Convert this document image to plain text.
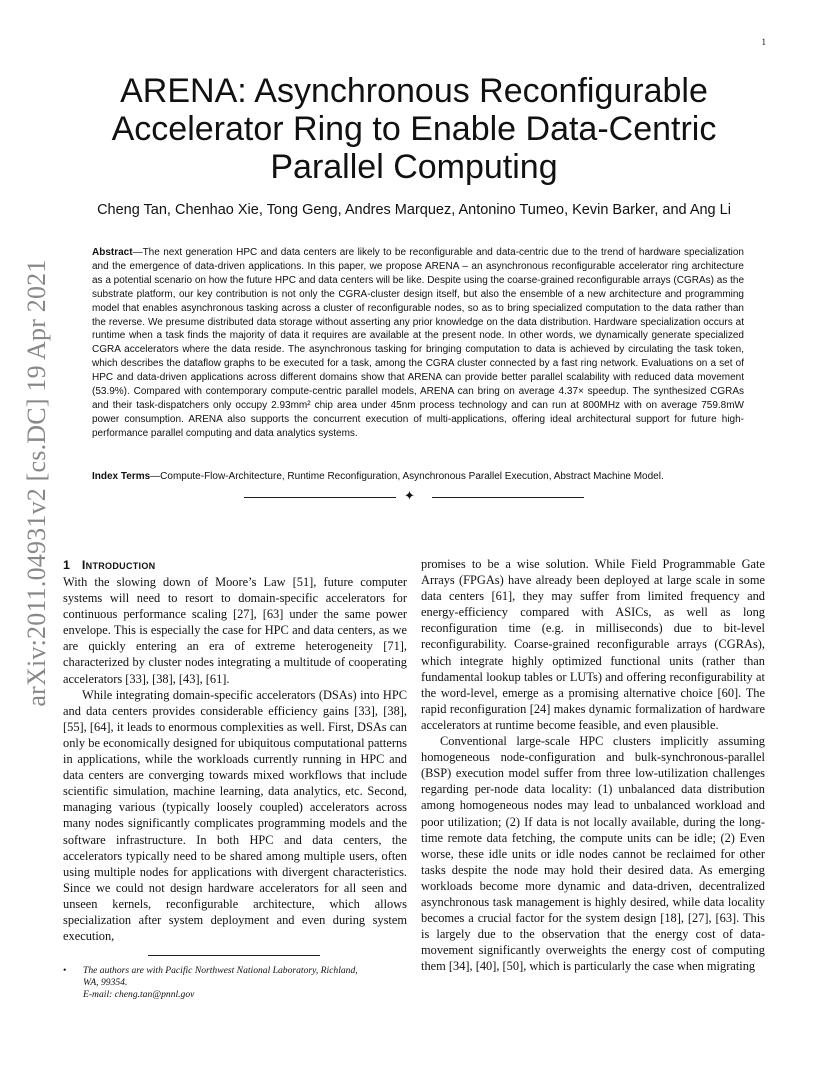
1
arXiv:2011.04931v2 [cs.DC] 19 Apr 2021
ARENA: Asynchronous Reconfigurable Accelerator Ring to Enable Data-Centric Parallel Computing

Cheng Tan, Chenhao Xie, Tong Geng, Andres Marquez, Antonino Tumeo, Kevin Barker, and Ang Li

Abstract—The next generation HPC and data centers are likely to be reconfigurable and data-centric due to the trend of hardware specialization and the emergence of data-driven applications. In this paper, we propose ARENA – an asynchronous reconfigurable accelerator ring architecture as a potential scenario on how the future HPC and data centers will be like. Despite using the coarse-grained reconfigurable arrays (CGRAs) as the substrate platform, our key contribution is not only the CGRA-cluster design itself, but also the ensemble of a new architecture and programming model that enables asynchronous tasking across a cluster of reconfigurable nodes, so as to bring specialized computation to the data rather than the reverse. We presume distributed data storage without asserting any prior knowledge on the data distribution. Hardware specialization occurs at runtime when a task finds the majority of data it requires are available at the present node. In other words, we dynamically generate specialized CGRA accelerators where the data reside. The asynchronous tasking for bringing computation to data is achieved by circulating the task token, which describes the dataflow graphs to be executed for a task, among the CGRA cluster connected by a fast ring network. Evaluations on a set of HPC and data-driven applications across different domains show that ARENA can provide better parallel scalability with reduced data movement (53.9%). Compared with contemporary compute-centric parallel models, ARENA can bring on average 4.37× speedup. The synthesized CGRAs and their task-dispatchers only occupy 2.93mm² chip area under 45nm process technology and can run at 800MHz with on average 759.8mW power consumption. ARENA also supports the concurrent execution of multi-applications, offering ideal architectural support for future high-performance parallel computing and data analytics systems.

Index Terms—Compute-Flow-Architecture, Runtime Reconfiguration, Asynchronous Parallel Execution, Abstract Machine Model.

✦
1 Introduction

With the slowing down of Moore’s Law [51], future computer systems will need to resort to domain-specific accelerators for continuous performance scaling [27], [63] under the same power envelope. This is especially the case for HPC and data centers, as we are quickly entering an era of extreme heterogeneity [71], characterized by cluster nodes integrating a multitude of cooperating accelerators [33], [38], [43], [61].

While integrating domain-specific accelerators (DSAs) into HPC and data centers provides considerable efficiency gains [33], [38], [55], [64], it leads to enormous complexities as well. First, DSAs can only be economically designed for ubiquitous computational patterns in applications, while the workloads currently running in HPC and data centers are converging towards mixed workflows that include scientific simulation, machine learning, data analytics, etc. Second, managing various (typically loosely coupled) accelerators across many nodes significantly complicates programming models and the software infrastructure. In both HPC and data centers, the accelerators typically need to be shared among multiple users, often using multiple nodes for applications with divergent characteristics. Since we could not design hardware accelerators for all seen and unseen kernels, reconfigurable architecture, which allows specialization after system deployment and even during system execution,

promises to be a wise solution. While Field Programmable Gate Arrays (FPGAs) have already been deployed at large scale in some data centers [61], they may suffer from limited frequency and energy-efficiency compared with ASICs, as well as long reconfiguration time (e.g. in milliseconds) due to bit-level reconfigurability. Coarse-grained reconfigurable arrays (CGRAs), which integrate highly optimized functional units (rather than fundamental lookup tables or LUTs) and offering reconfigurability at the word-level, emerge as a promising alternative choice [60]. The rapid reconfiguration [24] makes dynamic formalization of hardware accelerators at runtime become feasible, and even plausible.

Conventional large-scale HPC clusters implicitly assuming homogeneous node-configuration and bulk-synchronous-parallel (BSP) execution model suffer from three low-utilization challenges regarding per-node data locality: (1) unbalanced data distribution among homogeneous nodes may lead to unbalanced workload and poor utilization; (2) If data is not locally available, during the long-time remote data fetching, the compute units can be idle; (2) Even worse, these idle units or idle nodes cannot be reclaimed for other tasks despite the node may hold their desired data. As emerging workloads become more dynamic and data-driven, decentralized asynchronous task management is highly desired, while data locality becomes a crucial factor for the system design [18], [27], [63]. This is largely due to the observation that the energy cost of data-movement significantly overweights the energy cost of computing them [34], [40], [50], which is particularly the case when migrating

• The authors are with Pacific Northwest National Laboratory, Richland, WA, 99354.
E-mail: cheng.tan@pnnl.gov
